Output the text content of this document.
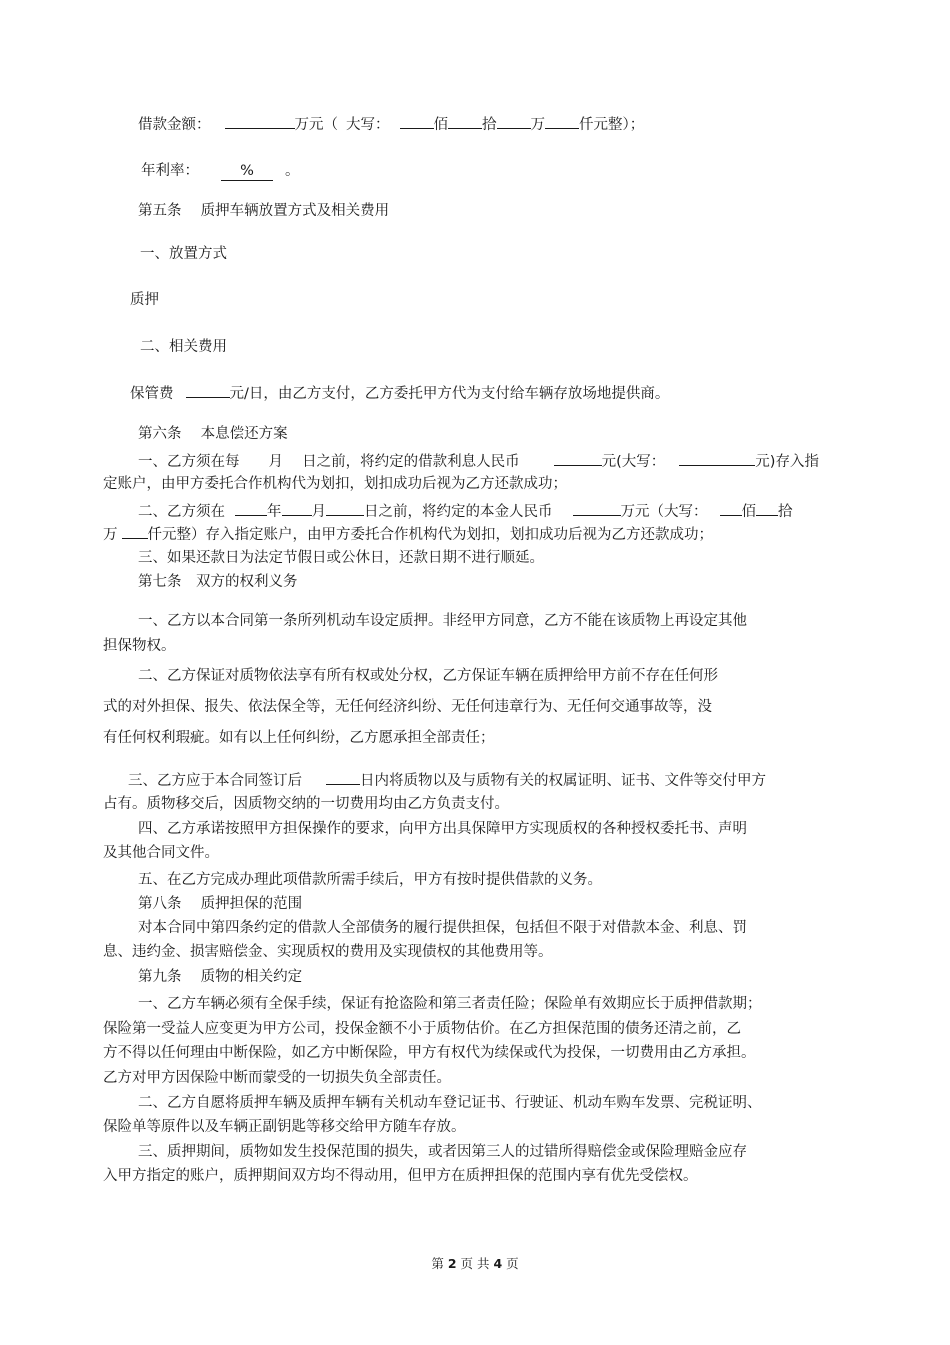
借款金额：	万元（ 大写：	佰 拾 万 仟元整）；
年利率：	% 。
第五条　 质押车辆放置方式及相关费用
一、放置方式
质押
二、相关费用
保管费	元/日，由乙方支付，乙方委托甲方代为支付给车辆存放场地提供商。
第六条　 本息偿还方案
一、乙方须在每　　月　 日之前，将约定的借款利息人民币	元(大写：	元)存入指
定账户，由甲方委托合作机构代为划扣，划扣成功后视为乙方还款成功；
二、乙方须在	年 月	日之前，将约定的本金人民币	万元（大写： 佰 拾
万 仟元整）存入指定账户，由甲方委托合作机构代为划扣，划扣成功后视为乙方还款成功；
三、如果还款日为法定节假日或公休日，还款日期不进行顺延。
第七条　双方的权利义务
一、乙方以本合同第一条所列机动车设定质押。非经甲方同意，乙方不能在该质物上再设定其他
担保物权。
二、乙方保证对质物依法享有所有权或处分权，乙方保证车辆在质押给甲方前不存在任何形
式的对外担保、报失、依法保全等，无任何经济纠纷、无任何违章行为、无任何交通事故等，没
有任何权利瑕疵。如有以上任何纠纷，乙方愿承担全部责任；
三、乙方应于本合同签订后	日内将质物以及与质物有关的权属证明、证书、文件等交付甲方
占有。质物移交后，因质物交纳的一切费用均由乙方负责支付。
四、乙方承诺按照甲方担保操作的要求，向甲方出具保障甲方实现质权的各种授权委托书、声明
及其他合同文件。
五、在乙方完成办理此项借款所需手续后，甲方有按时提供借款的义务。
第八条　 质押担保的范围
对本合同中第四条约定的借款人全部债务的履行提供担保，包括但不限于对借款本金、利息、罚
息、违约金、损害赔偿金、实现质权的费用及实现债权的其他费用等。
第九条　 质物的相关约定
一、乙方车辆必须有全保手续，保证有抢盗险和第三者责任险；保险单有效期应长于质押借款期；
保险第一受益人应变更为甲方公司，投保金额不小于质物估价。在乙方担保范围的债务还清之前，乙
方不得以任何理由中断保险，如乙方中断保险，甲方有权代为续保或代为投保，一切费用由乙方承担。
乙方对甲方因保险中断而蒙受的一切损失负全部责任。
二、乙方自愿将质押车辆及质押车辆有关机动车登记证书、行驶证、机动车购车发票、完税证明、
保险单等原件以及车辆正副钥匙等移交给甲方随车存放。
三、质押期间，质物如发生投保范围的损失，或者因第三人的过错所得赔偿金或保险理赔金应存
入甲方指定的账户，质押期间双方均不得动用，但甲方在质押担保的范围内享有优先受偿权。
第 2 页 共 4 页
